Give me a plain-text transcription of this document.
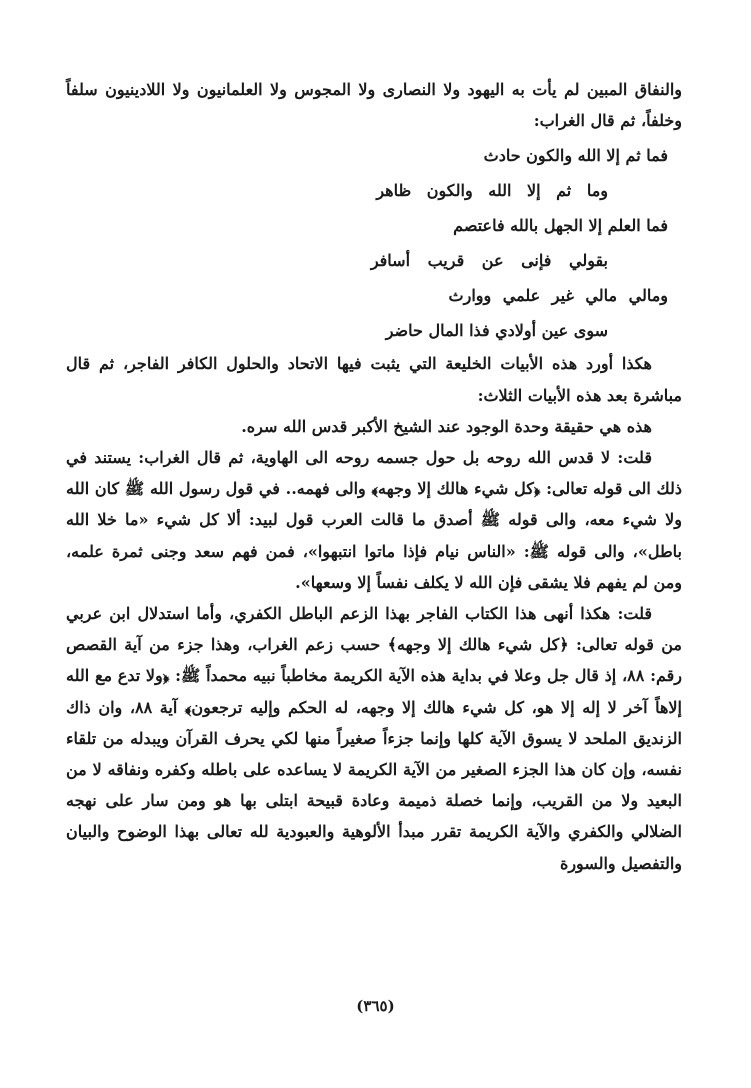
والنفاق المبين لم يأت به اليهود ولا النصارى ولا المجوس ولا العلمانيون ولا اللادينيون سلفاً وخلفاً، ثم قال الغراب:

فما ثم إلا الله والكون حادث

وما ثم إلا الله والكون ظاهر

فما العلم إلا الجهل بالله فاعتصم

بقولي فإنى عن قريب أسافر

ومالي مالي غير علمي ووارث

سوى عين أولادي فذا المال حاضر

هكذا أورد هذه الأبيات الخليعة التي يثبت فيها الاتحاد والحلول الكافر الفاجر، ثم قال مباشرة بعد هذه الأبيات الثلاث:

هذه هي حقيقة وحدة الوجود عند الشيخ الأكبر قدس الله سره.

قلت: لا قدس الله روحه بل حول جسمه روحه الى الهاوية، ثم قال الغراب: يستند في ذلك الى قوله تعالى: ﴿كل شيء هالك إلا وجهه﴾ والى فهمه.. في قول رسول الله ﷺ كان الله ولا شيء معه، والى قوله ﷺ أصدق ما قالت العرب قول لبيد: ألا كل شيء «ما خلا الله باطل»، والى قوله ﷺ: «الناس نيام فإذا ماتوا انتبهوا»، فمن فهم سعد وجنى ثمرة علمه، ومن لم يفهم فلا يشقى فإن الله لا يكلف نفساً إلا وسعها».

قلت: هكذا أنهى هذا الكتاب الفاجر بهذا الزعم الباطل الكفري، وأما استدلال ابن عربي من قوله تعالى: ﴿كل شيء هالك إلا وجهه﴾ حسب زعم الغراب، وهذا جزء من آية القصص رقم: ٨٨، إذ قال جل وعلا في بداية هذه الآية الكريمة مخاطباً نبيه محمداً ﷺ: ﴿ولا تدع مع الله إلاهاً آخر لا إله إلا هو، كل شيء هالك إلا وجهه، له الحكم وإليه ترجعون﴾ آية ٨٨، وان ذاك الزنديق الملحد لا يسوق الآية كلها وإنما جزءاً صغيراً منها لكي يحرف القرآن ويبدله من تلقاء نفسه، وإن كان هذا الجزء الصغير من الآية الكريمة لا يساعده على باطله وكفره ونفاقه لا من البعيد ولا من القريب، وإنما خصلة ذميمة وعادة قبيحة ابتلى بها هو ومن سار على نهجه الضلالي والكفري والآية الكريمة تقرر مبدأ الألوهية والعبودية لله تعالى بهذا الوضوح والبيان والتفصيل والسورة

(٣٦٥)
